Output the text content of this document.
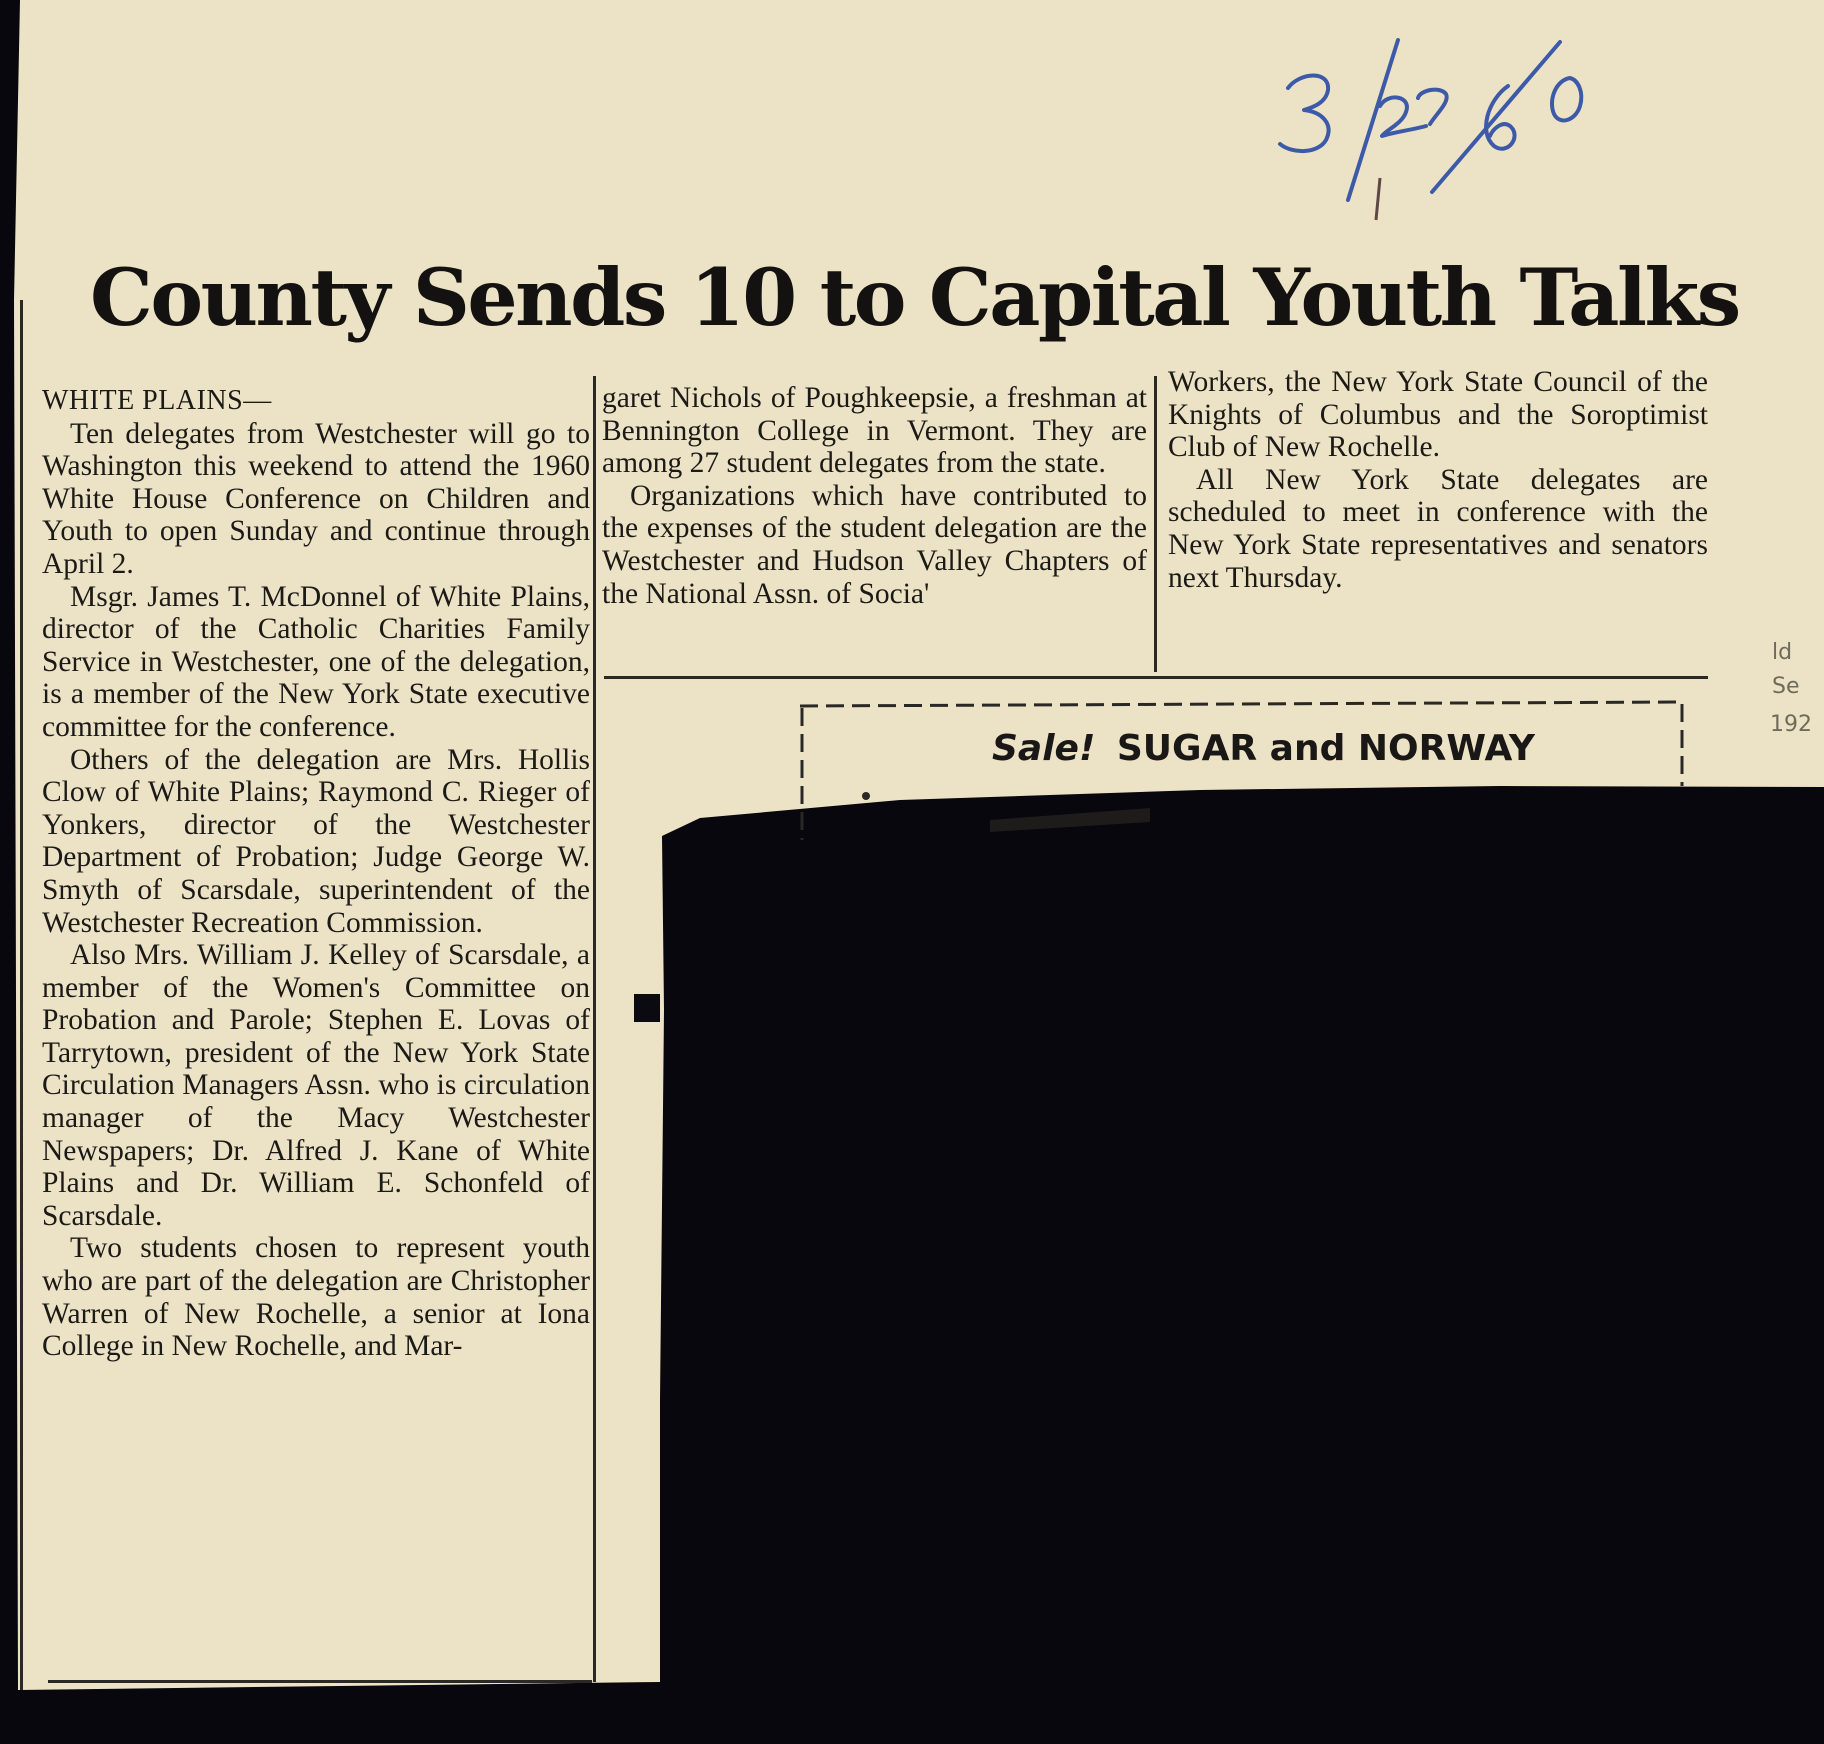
County Sends 10 to Capital Youth Talks

WHITE PLAINS—

Ten delegates from Westchester will go to Washington this weekend to attend the 1960 White House Conference on Children and Youth to open Sunday and continue through April 2.

Msgr. James T. McDonnel of White Plains, director of the Catholic Charities Family Service in Westchester, one of the delegation, is a member of the New York State executive committee for the conference.

Others of the delegation are Mrs. Hollis Clow of White Plains; Raymond C. Rieger of Yonkers, director of the Westchester Department of Probation; Judge George W. Smyth of Scarsdale, superintendent of the Westchester Recreation Commission.

Also Mrs. William J. Kelley of Scarsdale, a member of the Women's Committee on Probation and Parole; Stephen E. Lovas of Tarrytown, president of the New York State Circulation Managers Assn. who is circulation manager of the Macy Westchester Newspapers; Dr. Alfred J. Kane of White Plains and Dr. William E. Schonfeld of Scarsdale.

Two students chosen to represent youth who are part of the delegation are Christopher Warren of New Rochelle, a senior at Iona College in New Rochelle, and Mar-

garet Nichols of Poughkeepsie, a freshman at Bennington College in Vermont. They are among 27 student delegates from the state.

Organizations which have contributed to the expenses of the student delegation are the Westchester and Hudson Valley Chapters of the National Assn. of Socia'

Workers, the New York State Council of the Knights of Columbus and the Soroptimist Club of New Rochelle.

All New York State delegates are scheduled to meet in conference with the New York State representatives and senators next Thursday.

Sale! SUGAR and NORWAY
ld
Se
192
